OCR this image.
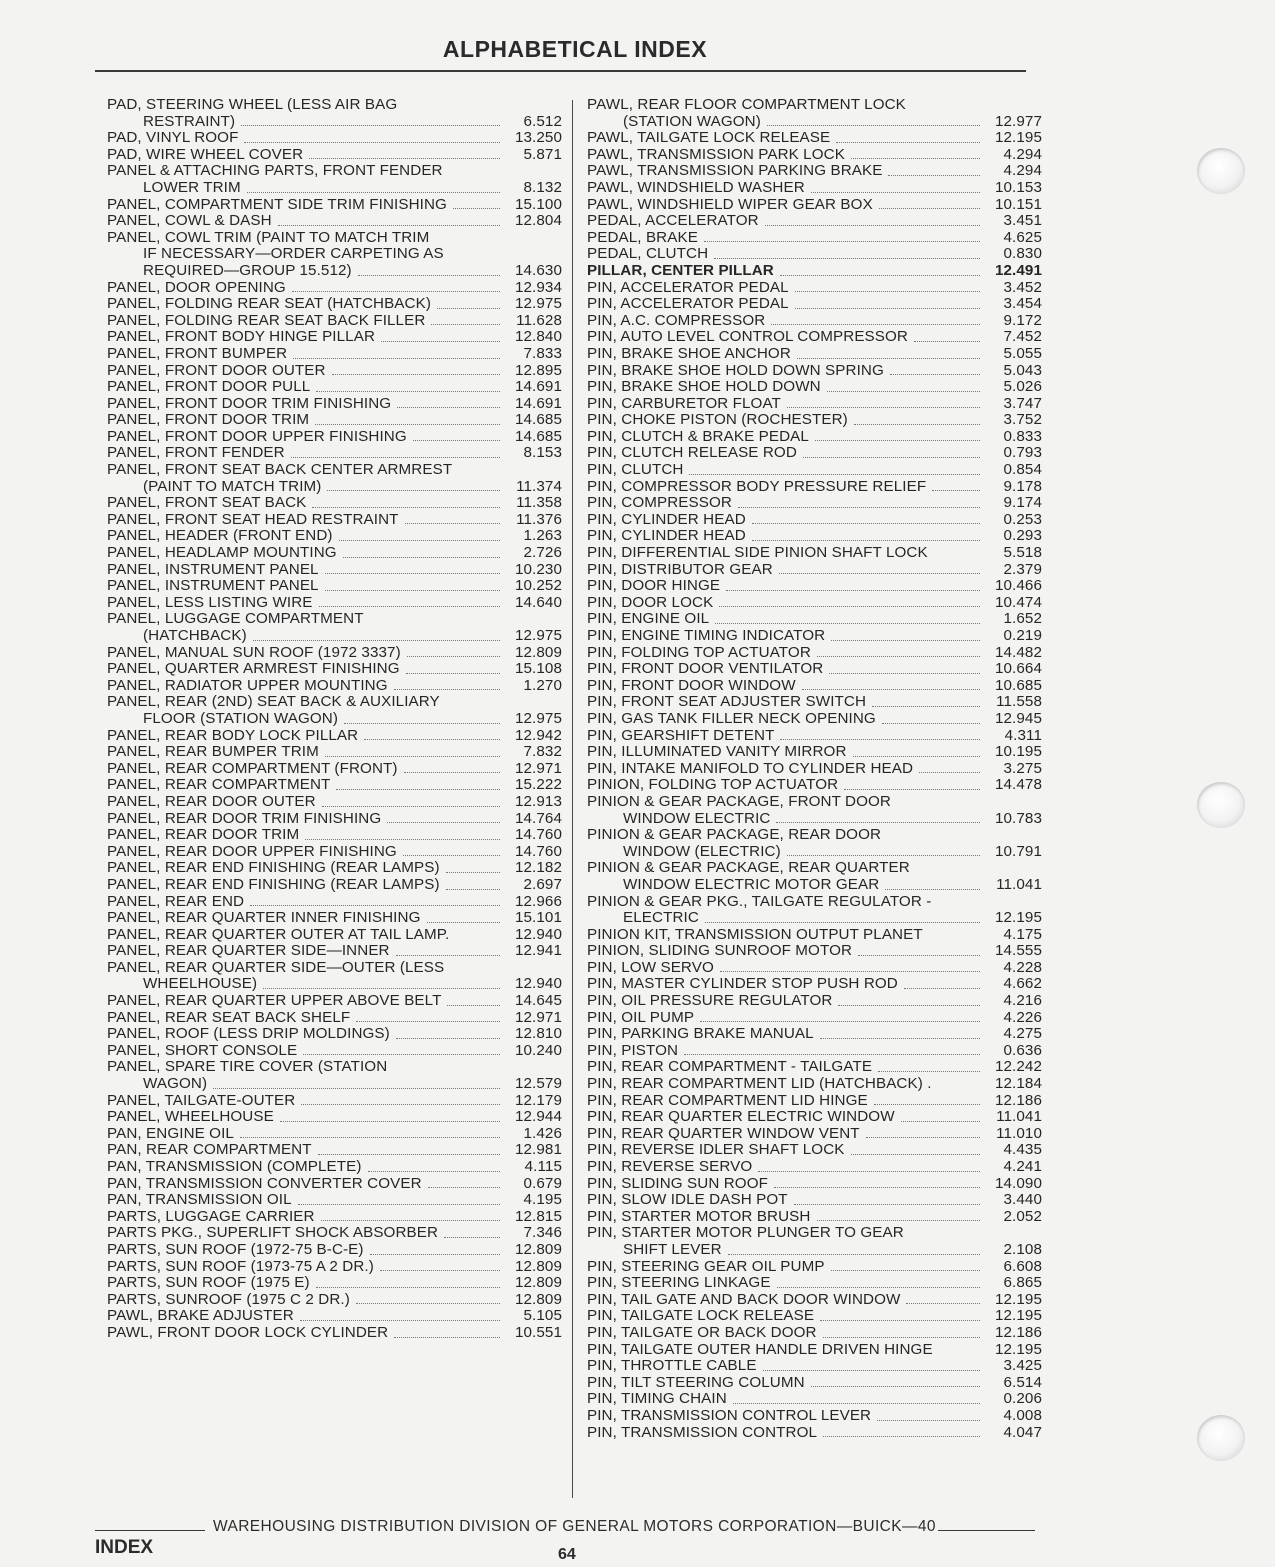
ALPHABETICAL INDEX
PAD, STEERING WHEEL (LESS AIR BAG
RESTRAINT)	6.512
PAD, VINYL ROOF	13.250
PAD, WIRE WHEEL COVER	5.871
PANEL & ATTACHING PARTS, FRONT FENDER
LOWER TRIM	8.132
PANEL, COMPARTMENT SIDE TRIM FINISHING	15.100
PANEL, COWL & DASH	12.804
PANEL, COWL TRIM (PAINT TO MATCH TRIM
IF NECESSARY—ORDER CARPETING AS
REQUIRED—GROUP 15.512)	14.630
PANEL, DOOR OPENING	12.934
PANEL, FOLDING REAR SEAT (HATCHBACK)	12.975
PANEL, FOLDING REAR SEAT BACK FILLER	11.628
PANEL, FRONT BODY HINGE PILLAR	12.840
PANEL, FRONT BUMPER	7.833
PANEL, FRONT DOOR OUTER	12.895
PANEL, FRONT DOOR PULL	14.691
PANEL, FRONT DOOR TRIM FINISHING	14.691
PANEL, FRONT DOOR TRIM	14.685
PANEL, FRONT DOOR UPPER FINISHING	14.685
PANEL, FRONT FENDER	8.153
PANEL, FRONT SEAT BACK CENTER ARMREST
(PAINT TO MATCH TRIM)	11.374
PANEL, FRONT SEAT BACK	11.358
PANEL, FRONT SEAT HEAD RESTRAINT	11.376
PANEL, HEADER (FRONT END)	1.263
PANEL, HEADLAMP MOUNTING	2.726
PANEL, INSTRUMENT PANEL	10.230
PANEL, INSTRUMENT PANEL	10.252
PANEL, LESS LISTING WIRE	14.640
PANEL, LUGGAGE COMPARTMENT
(HATCHBACK)	12.975
PANEL, MANUAL SUN ROOF (1972 3337)	12.809
PANEL, QUARTER ARMREST FINISHING	15.108
PANEL, RADIATOR UPPER MOUNTING	1.270
PANEL, REAR (2ND) SEAT BACK & AUXILIARY
FLOOR (STATION WAGON)	12.975
PANEL, REAR BODY LOCK PILLAR	12.942
PANEL, REAR BUMPER TRIM	7.832
PANEL, REAR COMPARTMENT (FRONT)	12.971
PANEL, REAR COMPARTMENT	15.222
PANEL, REAR DOOR OUTER	12.913
PANEL, REAR DOOR TRIM FINISHING	14.764
PANEL, REAR DOOR TRIM	14.760
PANEL, REAR DOOR UPPER FINISHING	14.760
PANEL, REAR END FINISHING (REAR LAMPS)	12.182
PANEL, REAR END FINISHING (REAR LAMPS)	2.697
PANEL, REAR END	12.966
PANEL, REAR QUARTER INNER FINISHING	15.101
PANEL, REAR QUARTER OUTER AT TAIL LAMP.	12.940
PANEL, REAR QUARTER SIDE—INNER	12.941
PANEL, REAR QUARTER SIDE—OUTER (LESS
WHEELHOUSE)	12.940
PANEL, REAR QUARTER UPPER ABOVE BELT	14.645
PANEL, REAR SEAT BACK SHELF	12.971
PANEL, ROOF (LESS DRIP MOLDINGS)	12.810
PANEL, SHORT CONSOLE	10.240
PANEL, SPARE TIRE COVER (STATION
WAGON)	12.579
PANEL, TAILGATE-OUTER	12.179
PANEL, WHEELHOUSE	12.944
PAN, ENGINE OIL	1.426
PAN, REAR COMPARTMENT	12.981
PAN, TRANSMISSION (COMPLETE)	4.115
PAN, TRANSMISSION CONVERTER COVER	0.679
PAN, TRANSMISSION OIL	4.195
PARTS, LUGGAGE CARRIER	12.815
PARTS PKG., SUPERLIFT SHOCK ABSORBER	7.346
PARTS, SUN ROOF (1972-75 B-C-E)	12.809
PARTS, SUN ROOF (1973-75 A 2 DR.)	12.809
PARTS, SUN ROOF (1975 E)	12.809
PARTS, SUNROOF (1975 C 2 DR.)	12.809
PAWL, BRAKE ADJUSTER	5.105
PAWL, FRONT DOOR LOCK CYLINDER	10.551
PAWL, REAR FLOOR COMPARTMENT LOCK
(STATION WAGON)	12.977
PAWL, TAILGATE LOCK RELEASE	12.195
PAWL, TRANSMISSION PARK LOCK	4.294
PAWL, TRANSMISSION PARKING BRAKE	4.294
PAWL, WINDSHIELD WASHER	10.153
PAWL, WINDSHIELD WIPER GEAR BOX	10.151
PEDAL, ACCELERATOR	3.451
PEDAL, BRAKE	4.625
PEDAL, CLUTCH	0.830
PILLAR, CENTER PILLAR	12.491
PIN, ACCELERATOR PEDAL	3.452
PIN, ACCELERATOR PEDAL	3.454
PIN, A.C. COMPRESSOR	9.172
PIN, AUTO LEVEL CONTROL COMPRESSOR	7.452
PIN, BRAKE SHOE ANCHOR	5.055
PIN, BRAKE SHOE HOLD DOWN SPRING	5.043
PIN, BRAKE SHOE HOLD DOWN	5.026
PIN, CARBURETOR FLOAT	3.747
PIN, CHOKE PISTON (ROCHESTER)	3.752
PIN, CLUTCH & BRAKE PEDAL	0.833
PIN, CLUTCH RELEASE ROD	0.793
PIN, CLUTCH	0.854
PIN, COMPRESSOR BODY PRESSURE RELIEF	9.178
PIN, COMPRESSOR	9.174
PIN, CYLINDER HEAD	0.253
PIN, CYLINDER HEAD	0.293
PIN, DIFFERENTIAL SIDE PINION SHAFT LOCK	5.518
PIN, DISTRIBUTOR GEAR	2.379
PIN, DOOR HINGE	10.466
PIN, DOOR LOCK	10.474
PIN, ENGINE OIL	1.652
PIN, ENGINE TIMING INDICATOR	0.219
PIN, FOLDING TOP ACTUATOR	14.482
PIN, FRONT DOOR VENTILATOR	10.664
PIN, FRONT DOOR WINDOW	10.685
PIN, FRONT SEAT ADJUSTER SWITCH	11.558
PIN, GAS TANK FILLER NECK OPENING	12.945
PIN, GEARSHIFT DETENT	4.311
PIN, ILLUMINATED VANITY MIRROR	10.195
PIN, INTAKE MANIFOLD TO CYLINDER HEAD	3.275
PINION, FOLDING TOP ACTUATOR	14.478
PINION & GEAR PACKAGE, FRONT DOOR
WINDOW ELECTRIC	10.783
PINION & GEAR PACKAGE, REAR DOOR
WINDOW (ELECTRIC)	10.791
PINION & GEAR PACKAGE, REAR QUARTER
WINDOW ELECTRIC MOTOR GEAR	11.041
PINION & GEAR PKG., TAILGATE REGULATOR -
ELECTRIC	12.195
PINION KIT, TRANSMISSION OUTPUT PLANET	4.175
PINION, SLIDING SUNROOF MOTOR	14.555
PIN, LOW SERVO	4.228
PIN, MASTER CYLINDER STOP PUSH ROD	4.662
PIN, OIL PRESSURE REGULATOR	4.216
PIN, OIL PUMP	4.226
PIN, PARKING BRAKE MANUAL	4.275
PIN, PISTON	0.636
PIN, REAR COMPARTMENT - TAILGATE	12.242
PIN, REAR COMPARTMENT LID (HATCHBACK) .	12.184
PIN, REAR COMPARTMENT LID HINGE	12.186
PIN, REAR QUARTER ELECTRIC WINDOW	11.041
PIN, REAR QUARTER WINDOW VENT	11.010
PIN, REVERSE IDLER SHAFT LOCK	4.435
PIN, REVERSE SERVO	4.241
PIN, SLIDING SUN ROOF	14.090
PIN, SLOW IDLE DASH POT	3.440
PIN, STARTER MOTOR BRUSH	2.052
PIN, STARTER MOTOR PLUNGER TO GEAR
SHIFT LEVER	2.108
PIN, STEERING GEAR OIL PUMP	6.608
PIN, STEERING LINKAGE	6.865
PIN, TAIL GATE AND BACK DOOR WINDOW	12.195
PIN, TAILGATE LOCK RELEASE	12.195
PIN, TAILGATE OR BACK DOOR	12.186
PIN, TAILGATE OUTER HANDLE DRIVEN HINGE	12.195
PIN, THROTTLE CABLE	3.425
PIN, TILT STEERING COLUMN	6.514
PIN, TIMING CHAIN	0.206
PIN, TRANSMISSION CONTROL LEVER	4.008
PIN, TRANSMISSION CONTROL	4.047
WAREHOUSING DISTRIBUTION DIVISION OF GENERAL MOTORS CORPORATION—BUICK—40
INDEX	64
